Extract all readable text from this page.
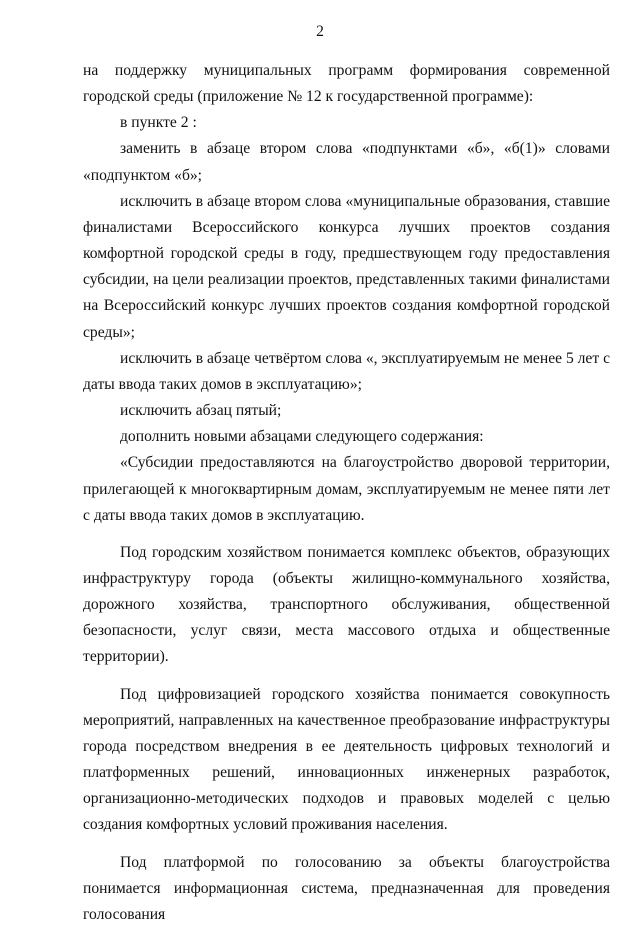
2

на поддержку муниципальных программ формирования современной городской среды (приложение № 12 к государственной программе):

в пункте 2 :

заменить в абзаце втором слова «подпунктами «б», «б(1)» словами «подпунктом «б»;

исключить в абзаце втором слова «муниципальные образования, ставшие финалистами Всероссийского конкурса лучших проектов создания комфортной городской среды в году, предшествующем году предоставления субсидии, на цели реализации проектов, представленных такими финалистами на Всероссийский конкурс лучших проектов создания комфортной городской среды»;

исключить в абзаце четвёртом слова «, эксплуатируемым не менее 5 лет с даты ввода таких домов в эксплуатацию»;

исключить абзац пятый;

дополнить новыми абзацами следующего содержания:

«Субсидии предоставляются на благоустройство дворовой территории, прилегающей к многоквартирным домам, эксплуатируемым не менее пяти лет с даты ввода таких домов в эксплуатацию.

Под городским хозяйством понимается комплекс объектов, образующих инфраструктуру города (объекты жилищно-коммунального хозяйства, дорожного хозяйства, транспортного обслуживания, общественной безопасности, услуг связи, места массового отдыха и общественные территории).

Под цифровизацией городского хозяйства понимается совокупность мероприятий, направленных на качественное преобразование инфраструктуры города посредством внедрения в ее деятельность цифровых технологий и платформенных решений, инновационных инженерных разработок, организационно-методических подходов и правовых моделей с целью создания комфортных условий проживания населения.

Под платформой по голосованию за объекты благоустройства понимается информационная система, предназначенная для проведения голосования
